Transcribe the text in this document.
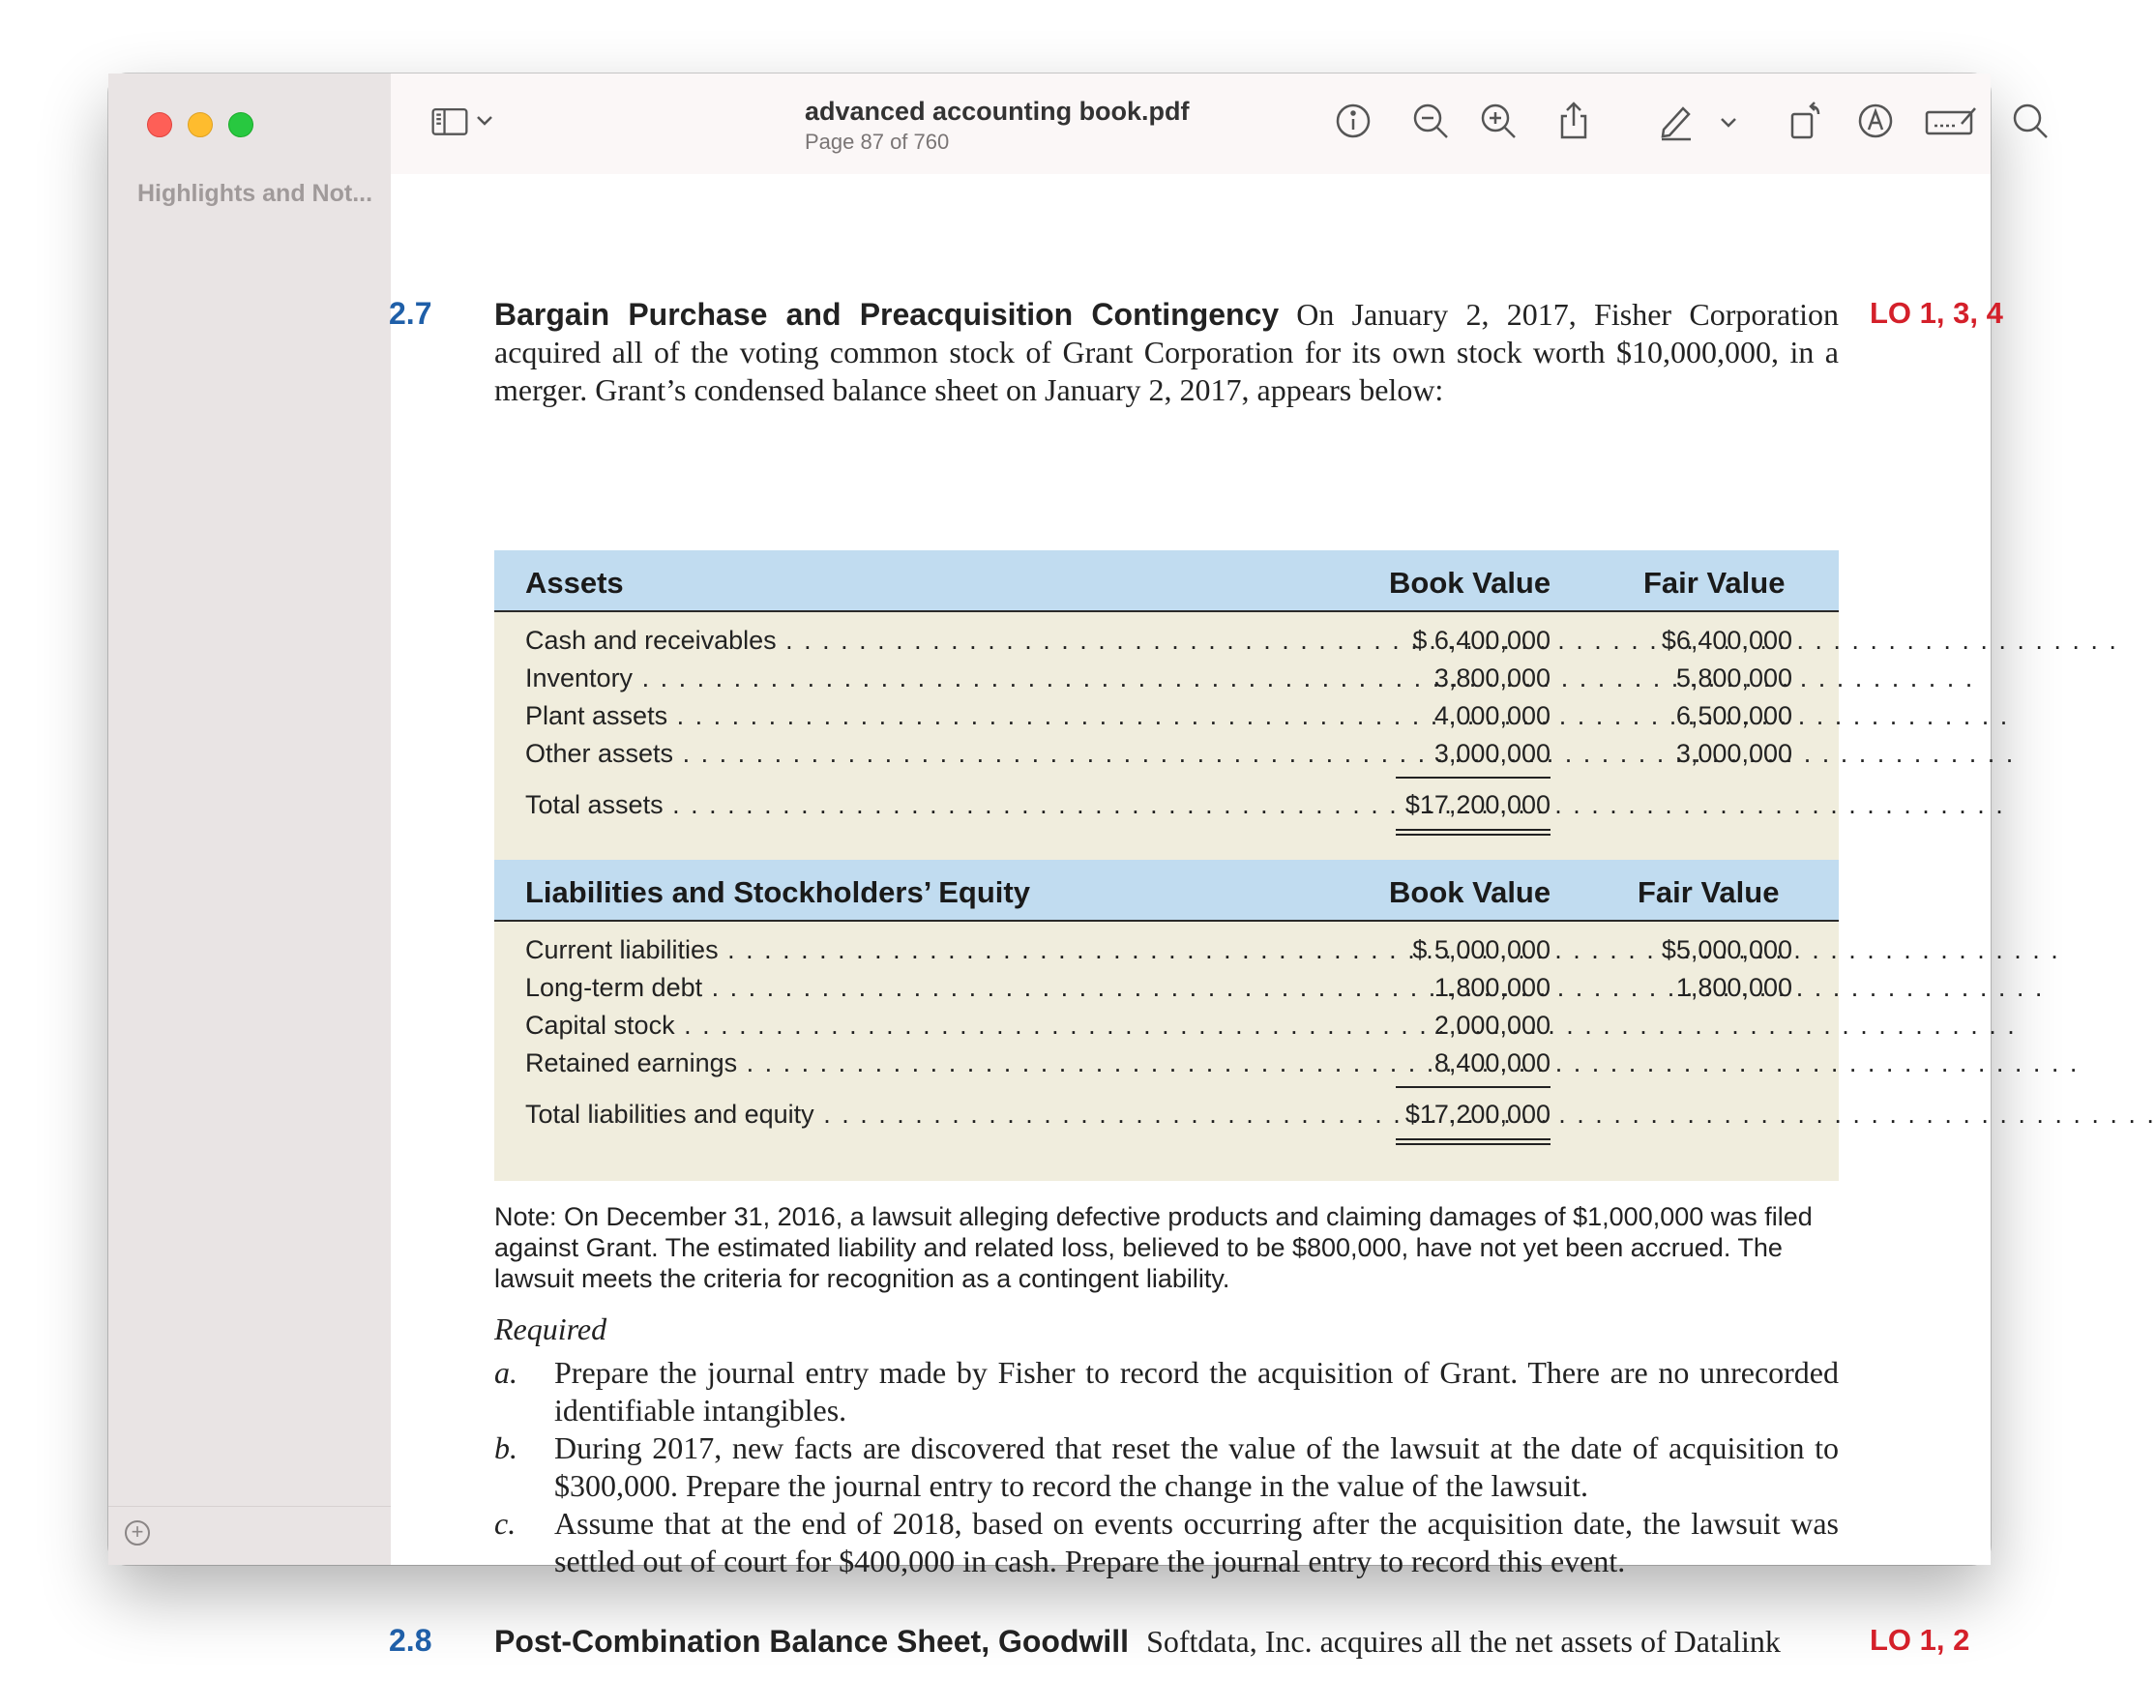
Highlights and Not...
+
advanced accounting book.pdf
Page 87 of 760
2.7	LO 1, 3, 4
Bargain Purchase and Preacquisition Contingency On January 2, 2017, Fisher Corporation acquired all of the voting common stock of Grant Corporation for its own stock worth $10,000,000, in a merger. Grant’s condensed balance sheet on January 2, 2017, appears below:
Assets	Book Value	Fair Value
Cash and receivables . . .	$ 6,400,000	$6,400,000
Inventory . . .	3,800,000	5,800,000
Plant assets . . .	4,000,000	6,500,000
Other assets . . .	3,000,000	3,000,000
Total assets . . .	$17,200,000
Liabilities and Stockholders’ Equity	Book Value	Fair Value
Current liabilities . . .	$ 5,000,000	$5,000,000
Long-term debt . . .	1,800,000	1,800,000
Capital stock . . .	2,000,000
Retained earnings . . .	8,400,000
Total liabilities and equity . . .	$17,200,000
Note: On December 31, 2016, a lawsuit alleging defective products and claiming damages of $1,000,000 was filed against Grant. The estimated liability and related loss, believed to be $800,000, have not yet been accrued. The lawsuit meets the criteria for recognition as a contingent liability.
Required
a. Prepare the journal entry made by Fisher to record the acquisition of Grant. There are no unrecorded identifiable intangibles.
b. During 2017, new facts are discovered that reset the value of the lawsuit at the date of acquisition to $300,000. Prepare the journal entry to record the change in the value of the lawsuit.
c. Assume that at the end of 2018, based on events occurring after the acquisition date, the lawsuit was settled out of court for $400,000 in cash. Prepare the journal entry to record this event.
2.8 Post-Combination Balance Sheet, Goodwill Softdata, Inc. acquires all the net assets of Datalink	LO 1, 2
